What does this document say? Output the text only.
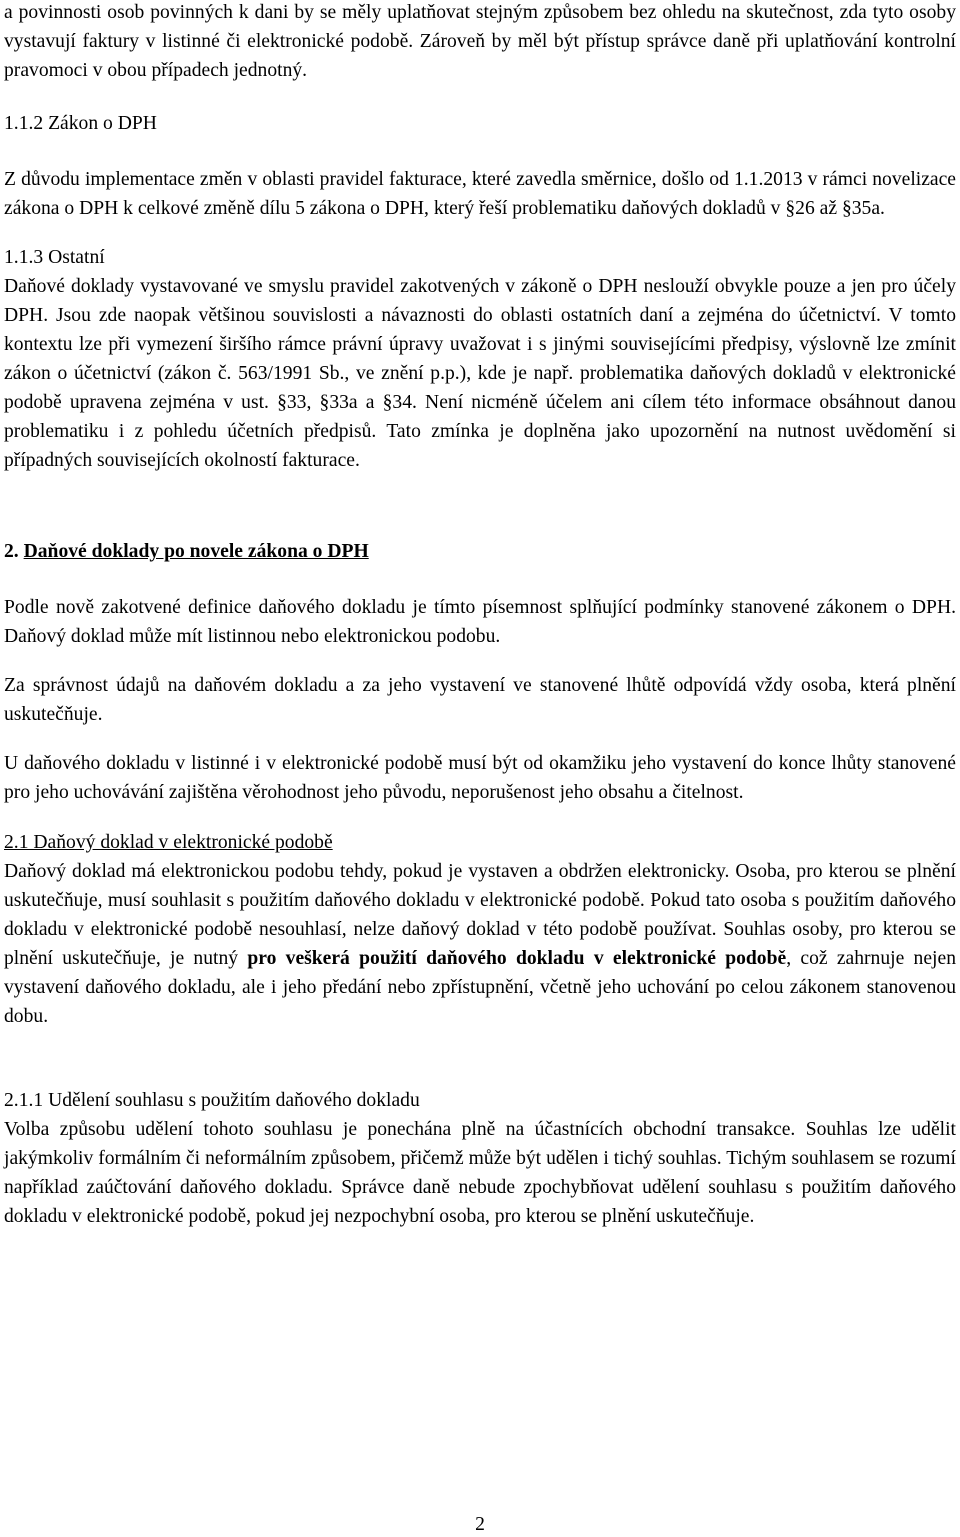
a povinnosti osob povinných k dani by se měly uplatňovat stejným způsobem bez ohledu na skutečnost, zda tyto osoby vystavují faktury v listinné či elektronické podobě. Zároveň by měl být přístup správce daně při uplatňování kontrolní pravomoci v obou případech jednotný.

1.1.2 Zákon o DPH

Z důvodu implementace změn v oblasti pravidel fakturace, které zavedla směrnice, došlo od 1.1.2013 v rámci novelizace zákona o DPH k celkové změně dílu 5 zákona o DPH, který řeší problematiku daňových dokladů v §26 až §35a.

1.1.3 Ostatní

Daňové doklady vystavované ve smyslu pravidel zakotvených v zákoně o DPH neslouží obvykle pouze a jen pro účely DPH. Jsou zde naopak většinou souvislosti a návaznosti do oblasti ostatních daní a zejména do účetnictví. V tomto kontextu lze při vymezení širšího rámce právní úpravy uvažovat i s jinými souvisejícími předpisy, výslovně lze zmínit zákon o účetnictví (zákon č. 563/1991 Sb., ve znění p.p.), kde je např. problematika daňových dokladů v elektronické podobě upravena zejména v ust. §33, §33a a §34. Není nicméně účelem ani cílem této informace obsáhnout danou problematiku i z pohledu účetních předpisů. Tato zmínka je doplněna jako upozornění na nutnost uvědomění si případných souvisejících okolností fakturace.

2. Daňové doklady po novele zákona o DPH

Podle nově zakotvené definice daňového dokladu je tímto písemnost splňující podmínky stanovené zákonem o DPH. Daňový doklad může mít listinnou nebo elektronickou podobu.

Za správnost údajů na daňovém dokladu a za jeho vystavení ve stanovené lhůtě odpovídá vždy osoba, která plnění uskutečňuje.

U daňového dokladu v listinné i v elektronické podobě musí být od okamžiku jeho vystavení do konce lhůty stanovené pro jeho uchovávání zajištěna věrohodnost jeho původu, neporušenost jeho obsahu a čitelnost.

2.1 Daňový doklad v elektronické podobě

Daňový doklad má elektronickou podobu tehdy, pokud je vystaven a obdržen elektronicky. Osoba, pro kterou se plnění uskutečňuje, musí souhlasit s použitím daňového dokladu v elektronické podobě. Pokud tato osoba s použitím daňového dokladu v elektronické podobě nesouhlasí, nelze daňový doklad v této podobě používat. Souhlas osoby, pro kterou se plnění uskutečňuje, je nutný pro veškerá použití daňového dokladu v elektronické podobě, což zahrnuje nejen vystavení daňového dokladu, ale i jeho předání nebo zpřístupnění, včetně jeho uchování po celou zákonem stanovenou dobu.

2.1.1 Udělení souhlasu s použitím daňového dokladu

Volba způsobu udělení tohoto souhlasu je ponechána plně na účastnících obchodní transakce. Souhlas lze udělit jakýmkoliv formálním či neformálním způsobem, přičemž může být udělen i tichý souhlas. Tichým souhlasem se rozumí například zaúčtování daňového dokladu. Správce daně nebude zpochybňovat udělení souhlasu s použitím daňového dokladu v elektronické podobě, pokud jej nezpochybní osoba, pro kterou se plnění uskutečňuje.

2
